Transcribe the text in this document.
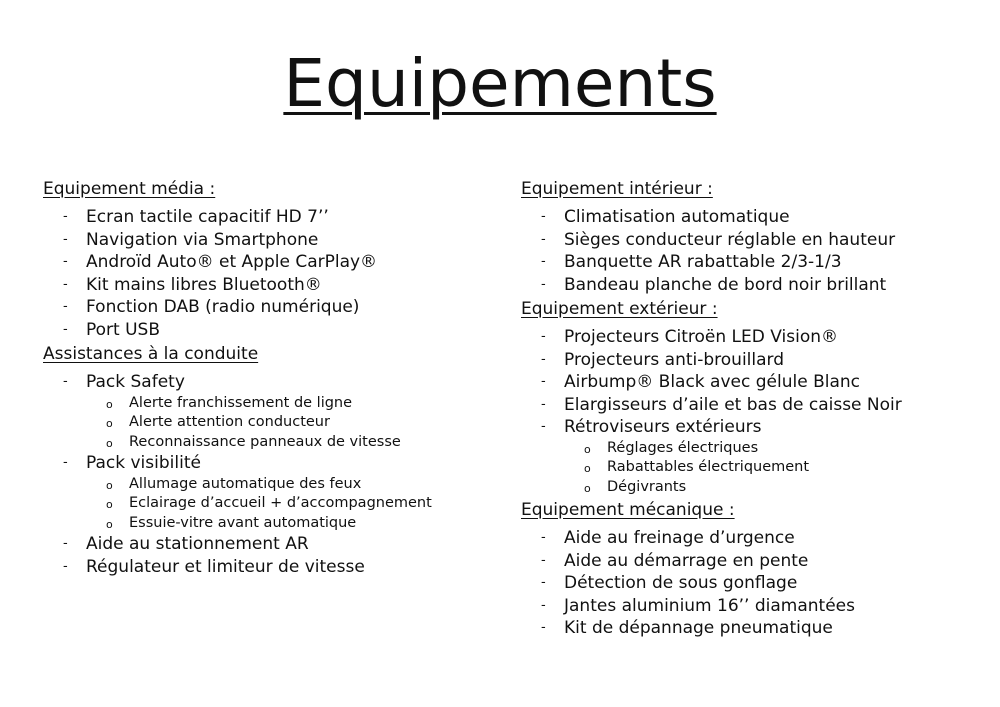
Equipements
Equipement média :
- Ecran tactile capacitif HD 7’’
- Navigation via Smartphone
- Androïd Auto® et Apple CarPlay®
- Kit mains libres Bluetooth®
- Fonction DAB (radio numérique)
- Port USB
Assistances à la conduite
- Pack Safety
o Alerte franchissement de ligne
o Alerte attention conducteur
o Reconnaissance panneaux de vitesse
- Pack visibilité
o Allumage automatique des feux
o Eclairage d’accueil + d’accompagnement
o Essuie-vitre avant automatique
- Aide au stationnement AR
- Régulateur et limiteur de vitesse
Equipement intérieur :
- Climatisation automatique
- Sièges conducteur réglable en hauteur
- Banquette AR rabattable 2/3-1/3
- Bandeau planche de bord noir brillant
Equipement extérieur :
- Projecteurs Citroën LED Vision®
- Projecteurs anti-brouillard
- Airbump® Black avec gélule Blanc
- Elargisseurs d’aile et bas de caisse Noir
- Rétroviseurs extérieurs
o Réglages électriques
o Rabattables électriquement
o Dégivrants
Equipement mécanique :
- Aide au freinage d’urgence
- Aide au démarrage en pente
- Détection de sous gonflage
- Jantes aluminium 16’’ diamantées
- Kit de dépannage pneumatique
